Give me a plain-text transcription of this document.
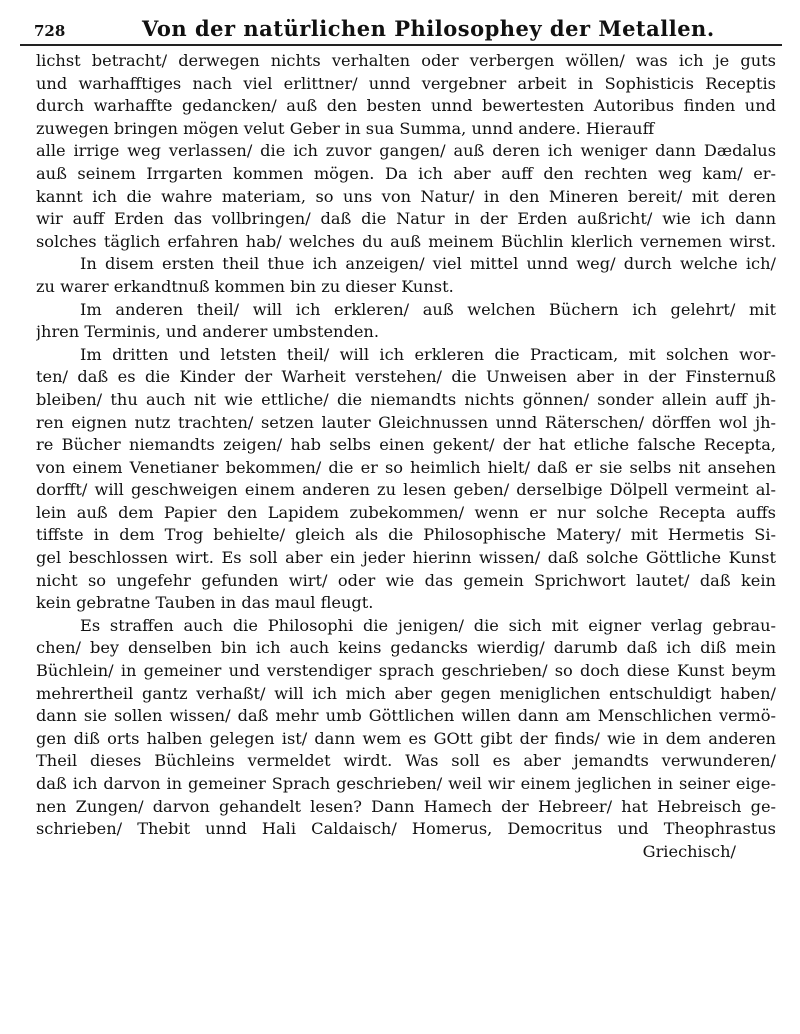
728	Von der natürlichen Philosophey der Metallen.
lichst betracht/ derwegen nichts verhalten oder verbergen wöllen/ was ich je guts
und warhafftiges nach viel erlittner/ unnd vergebner arbeit in Sophisticis Receptis
durch warhaffte gedancken/ auß den besten unnd bewertesten Autoribus finden und
zuwegen bringen mögen velut Geber in sua Summa, unnd andere. Hierauff
alle irrige weg verlassen/ die ich zuvor gangen/ auß deren ich weniger dann Dædalus
auß seinem Irrgarten kommen mögen. Da ich aber auff den rechten weg kam/ er-
kannt ich die wahre materiam, so uns von Natur/ in den Mineren bereit/ mit deren
wir auff Erden das vollbringen/ daß die Natur in der Erden außricht/ wie ich dann
solches täglich erfahren hab/ welches du auß meinem Büchlin klerlich vernemen wirst.
In disem ersten theil thue ich anzeigen/ viel mittel unnd weg/ durch welche ich/
zu warer erkandtnuß kommen bin zu dieser Kunst.
Im anderen theil/ will ich erkleren/ auß welchen Büchern ich gelehrt/ mit
jhren Terminis, und anderer umbstenden.
Im dritten und letsten theil/ will ich erkleren die Practicam, mit solchen wor-
ten/ daß es die Kinder der Warheit verstehen/ die Unweisen aber in der Finsternuß
bleiben/ thu auch nit wie ettliche/ die niemandts nichts gönnen/ sonder allein auff jh-
ren eignen nutz trachten/ setzen lauter Gleichnussen unnd Räterschen/ dörffen wol jh-
re Bücher niemandts zeigen/ hab selbs einen gekent/ der hat etliche falsche Recepta,
von einem Venetianer bekommen/ die er so heimlich hielt/ daß er sie selbs nit ansehen
dorfft/ will geschweigen einem anderen zu lesen geben/ derselbige Dölpell vermeint al-
lein auß dem Papier den Lapidem zubekommen/ wenn er nur solche Recepta auffs
tiffste in dem Trog behielte/ gleich als die Philosophische Matery/ mit Hermetis Si-
gel beschlossen wirt. Es soll aber ein jeder hierinn wissen/ daß solche Göttliche Kunst
nicht so ungefehr gefunden wirt/ oder wie das gemein Sprichwort lautet/ daß kein
kein gebratne Tauben in das maul fleugt.
Es straffen auch die Philosophi die jenigen/ die sich mit eigner verlag gebrau-
chen/ bey denselben bin ich auch keins gedancks wierdig/ darumb daß ich diß mein
Büchlein/ in gemeiner und verstendiger sprach geschrieben/ so doch diese Kunst beym
mehrertheil gantz verhaßt/ will ich mich aber gegen meniglichen entschuldigt haben/
dann sie sollen wissen/ daß mehr umb Göttlichen willen dann am Menschlichen vermö-
gen diß orts halben gelegen ist/ dann wem es GOtt gibt der finds/ wie in dem anderen
Theil dieses Büchleins vermeldet wirdt. Was soll es aber jemandts verwunderen/
daß ich darvon in gemeiner Sprach geschrieben/ weil wir einem jeglichen in seiner eige-
nen Zungen/ darvon gehandelt lesen? Dann Hamech der Hebreer/ hat Hebreisch ge-
schrieben/ Thebit unnd Hali Caldaisch/ Homerus, Democritus und Theophrastus
Griechisch/
